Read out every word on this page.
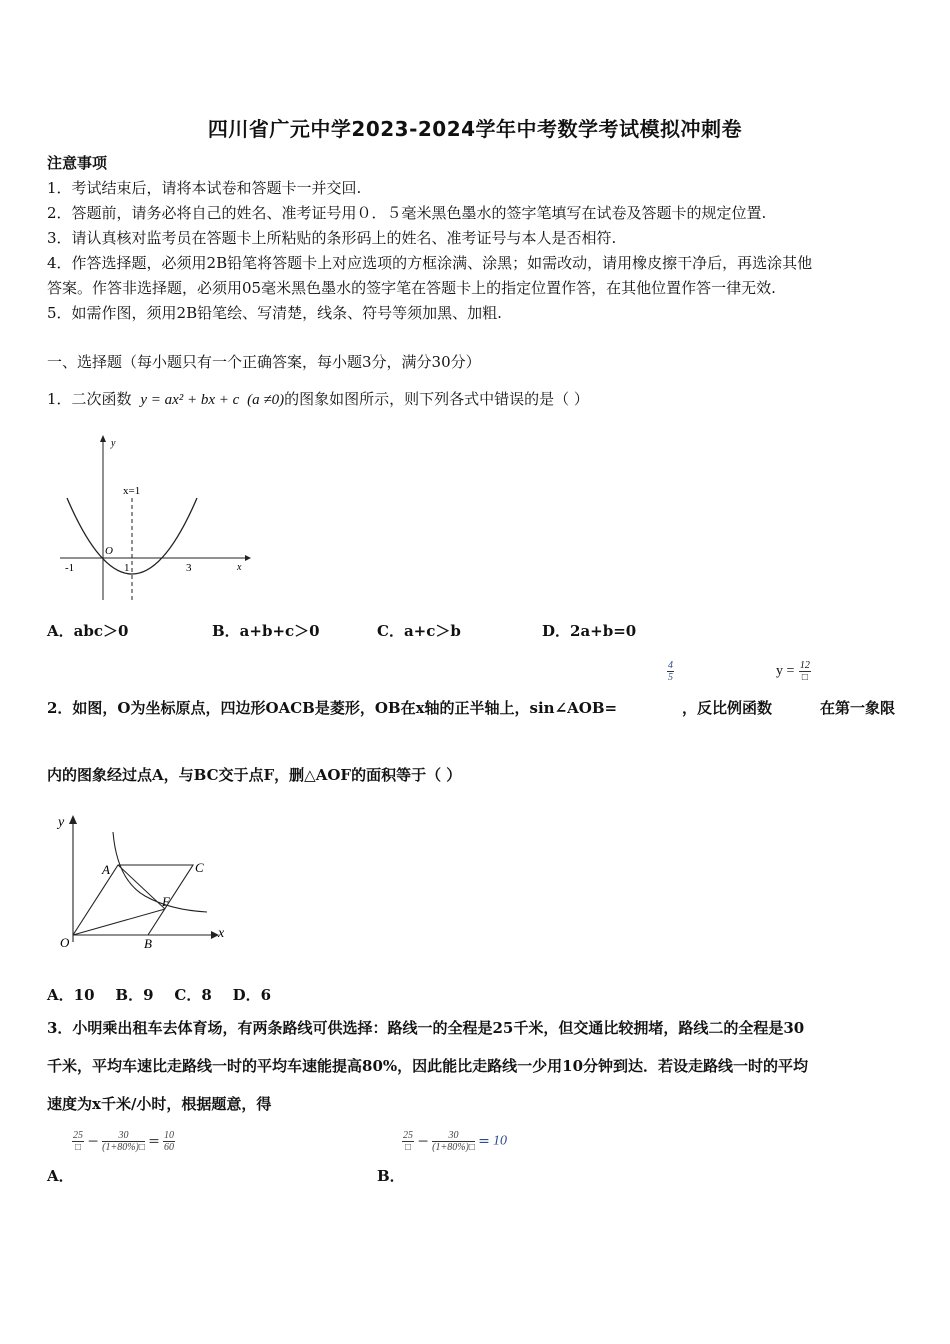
四川省广元中学2023-2024学年中考数学考试模拟冲刺卷
注意事项
1．考试结束后，请将本试卷和答题卡一并交回.
2．答题前，请务必将自己的姓名、准考证号用０．５毫米黑色墨水的签字笔填写在试卷及答题卡的规定位置.
3．请认真核对监考员在答题卡上所粘贴的条形码上的姓名、准考证号与本人是否相符.
4．作答选择题，必须用2B铅笔将答题卡上对应选项的方框涂满、涂黑；如需改动，请用橡皮擦干净后，再选涂其他
答案。作答非选择题，必须用05毫米黑色墨水的签字笔在答题卡上的指定位置作答，在其他位置作答一律无效.
5．如需作图，须用2B铅笔绘、写清楚，线条、符号等须加黑、加粗.
一、选择题（每小题只有一个正确答案，每小题3分，满分30分）
1．二次函数 y = ax² + bx + c (a ≠0)的图象如图所示，则下列各式中错误的是（ ）
y
x
x=1
O
-1	1	3
A．abc＞0	B．a+b+c＞0	C．a+c＞b	D．2a+b=0
$\frac{4}{5}$	$y = \frac{12}{□}$
2．如图，O为坐标原点，四边形OACB是菱形，OB在x轴的正半轴上，sin∠AOB=	，反比例函数	在第一象限
内的图象经过点A，与BC交于点F，删△AOF的面积等于（ ）
y
x
O
A
B
C
F
A．10    B．9    C．8    D．6
3．小明乘出租车去体育场，有两条路线可供选择：路线一的全程是25千米，但交通比较拥堵，路线二的全程是30
千米，平均车速比走路线一时的平均车速能提高80%，因此能比走路线一少用10分钟到达．若设走路线一时的平均
速度为x千米/小时，根据题意，得
$\frac{25}{□} - \frac{30}{(1+80\%)□} = \frac{10}{60}$
A．
$\frac{25}{□} - \frac{30}{(1+80\%)□} = 10$
B．
